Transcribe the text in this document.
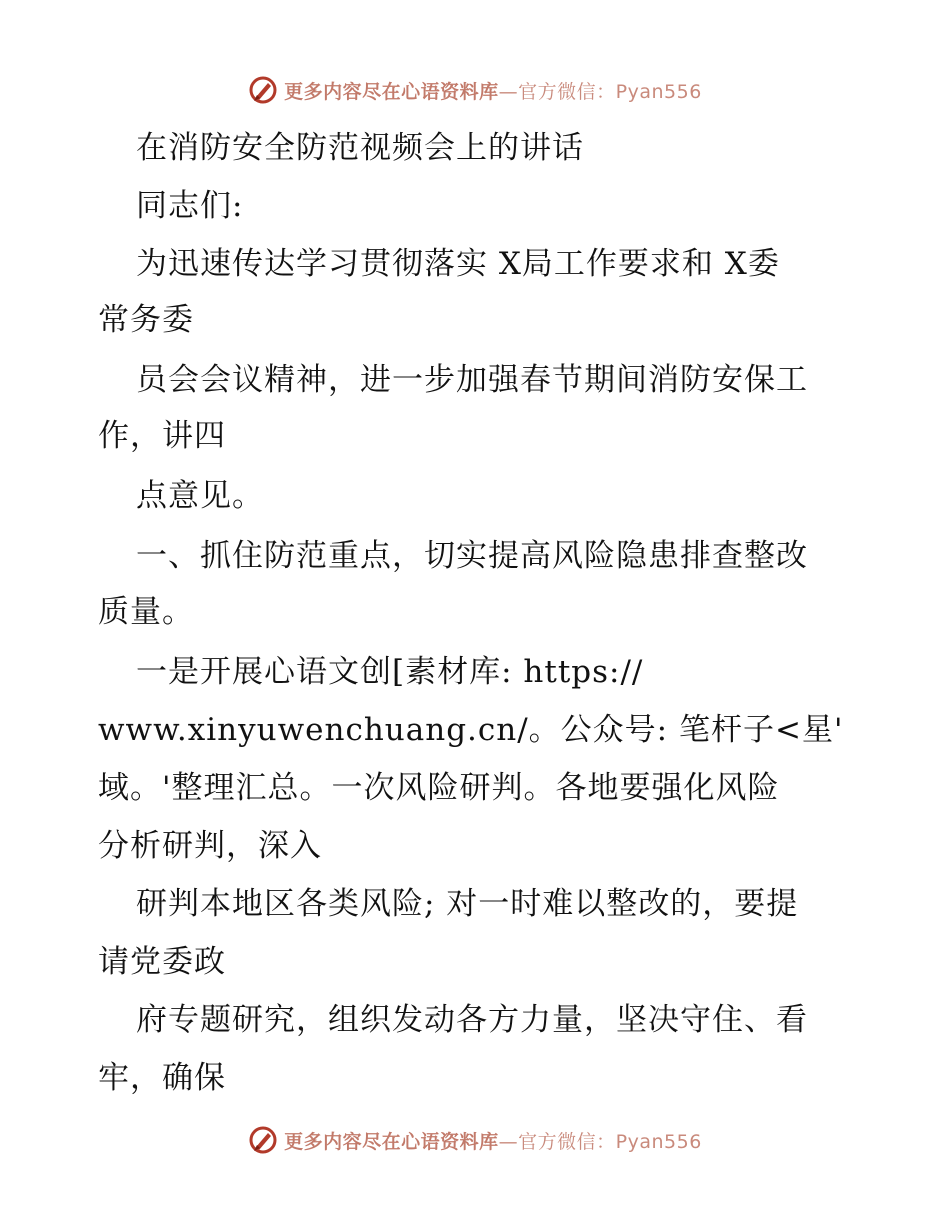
更多内容尽在心语资料库—官方微信：Pyan556
在消防安全防范视频会上的讲话
同志们:
为迅速传达学习贯彻落实 X局工作要求和 X委
常务委
员会会议精神，进一步加强春节期间消防安保工
作，讲四
点意见。
一、抓住防范重点，切实提高风险隐患排查整改
质量。
一是开展心语文创[素材库: https://
www.xinyuwenchuang.cn/。公众号: 笔杆子<星'
域。'整理汇总。一次风险研判。各地要强化风险
分析研判，深入
研判本地区各类风险; 对一时难以整改的，要提
请党委政
府专题研究，组织发动各方力量，坚决守住、看
牢，确保
更多内容尽在心语资料库—官方微信：Pyan556
